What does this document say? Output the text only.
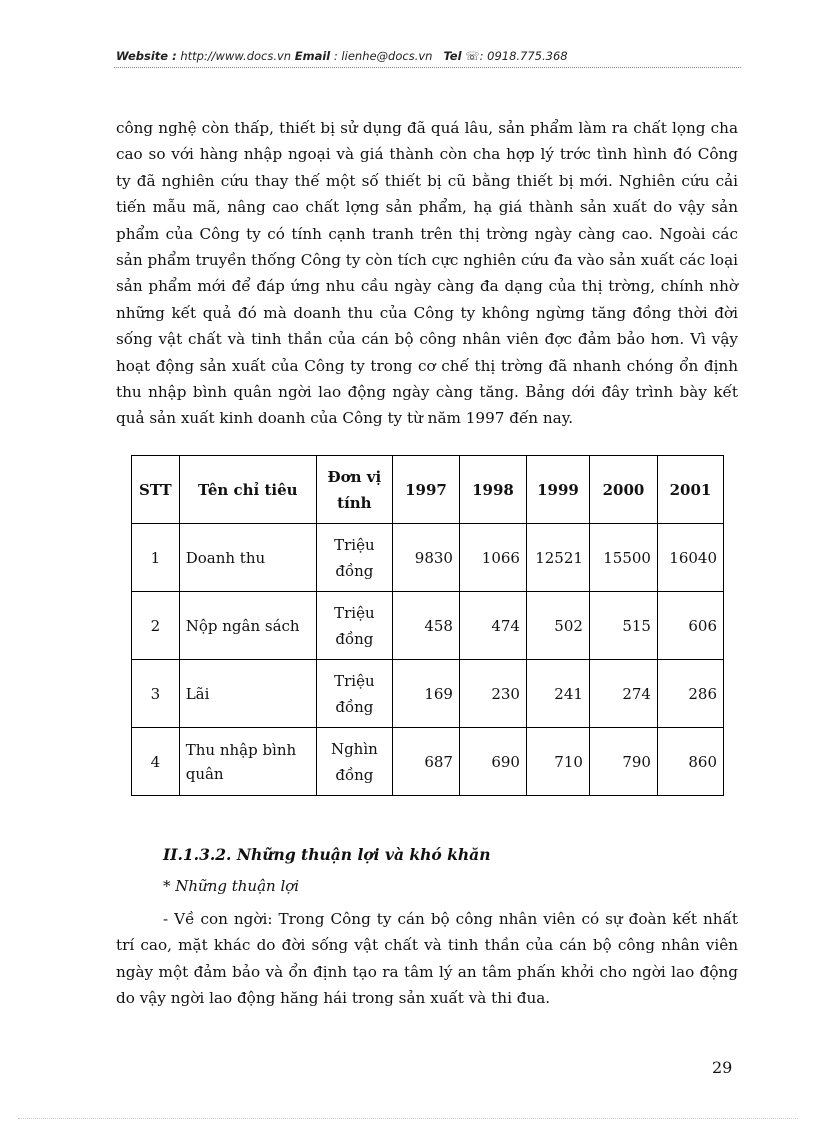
Website : http://www.docs.vn Email : lienhe@docs.vn Tel ☏: 0918.775.368

công nghệ còn thấp, thiết bị sử dụng đã quá lâu, sản phẩm làm ra chất lọng cha cao so với hàng nhập ngoại và giá thành còn cha hợp lý trớc tình hình đó Công ty đã nghiên cứu thay thế một số thiết bị cũ bằng thiết bị mới. Nghiên cứu cải tiến mẫu mã, nâng cao chất lợng sản phẩm, hạ giá thành sản xuất do vậy sản phẩm của Công ty có tính cạnh tranh trên thị trờng ngày càng cao. Ngoài các sản phẩm truyền thống Công ty còn tích cực nghiên cứu đa vào sản xuất các loại sản phẩm mới để đáp ứng nhu cầu ngày càng đa dạng của thị trờng, chính nhờ những kết quả đó mà doanh thu của Công ty không ngừng tăng đồng thời đời sống vật chất và tinh thần của cán bộ công nhân viên đợc đảm bảo hơn. Vì vậy hoạt động sản xuất của Công ty trong cơ chế thị trờng đã nhanh chóng ổn định thu nhập bình quân ngời lao động ngày càng tăng. Bảng dới đây trình bày kết quả sản xuất kinh doanh của Công ty từ năm 1997 đến nay.

STT	Tên chỉ tiêu	Đơn vị tính	1997	1998	1999	2000	2001
1	Doanh thu	Triệu đồng	9830	1066	12521	15500	16040
2	Nộp ngân sách	Triệu đồng	458	474	502	515	606
3	Lãi	Triệu đồng	169	230	241	274	286
4	Thu nhập bình quân	Nghìn đồng	687	690	710	790	860

II.1.3.2. Những thuận lợi và khó khăn

* Những thuận lợi

- Về con ngời: Trong Công ty cán bộ công nhân viên có sự đoàn kết nhất trí cao, mặt khác do đời sống vật chất và tinh thần của cán bộ công nhân viên ngày một đảm bảo và ổn định tạo ra tâm lý an tâm phấn khởi cho ngời lao động do vậy ngời lao động hăng hái trong sản xuất và thi đua.

29
